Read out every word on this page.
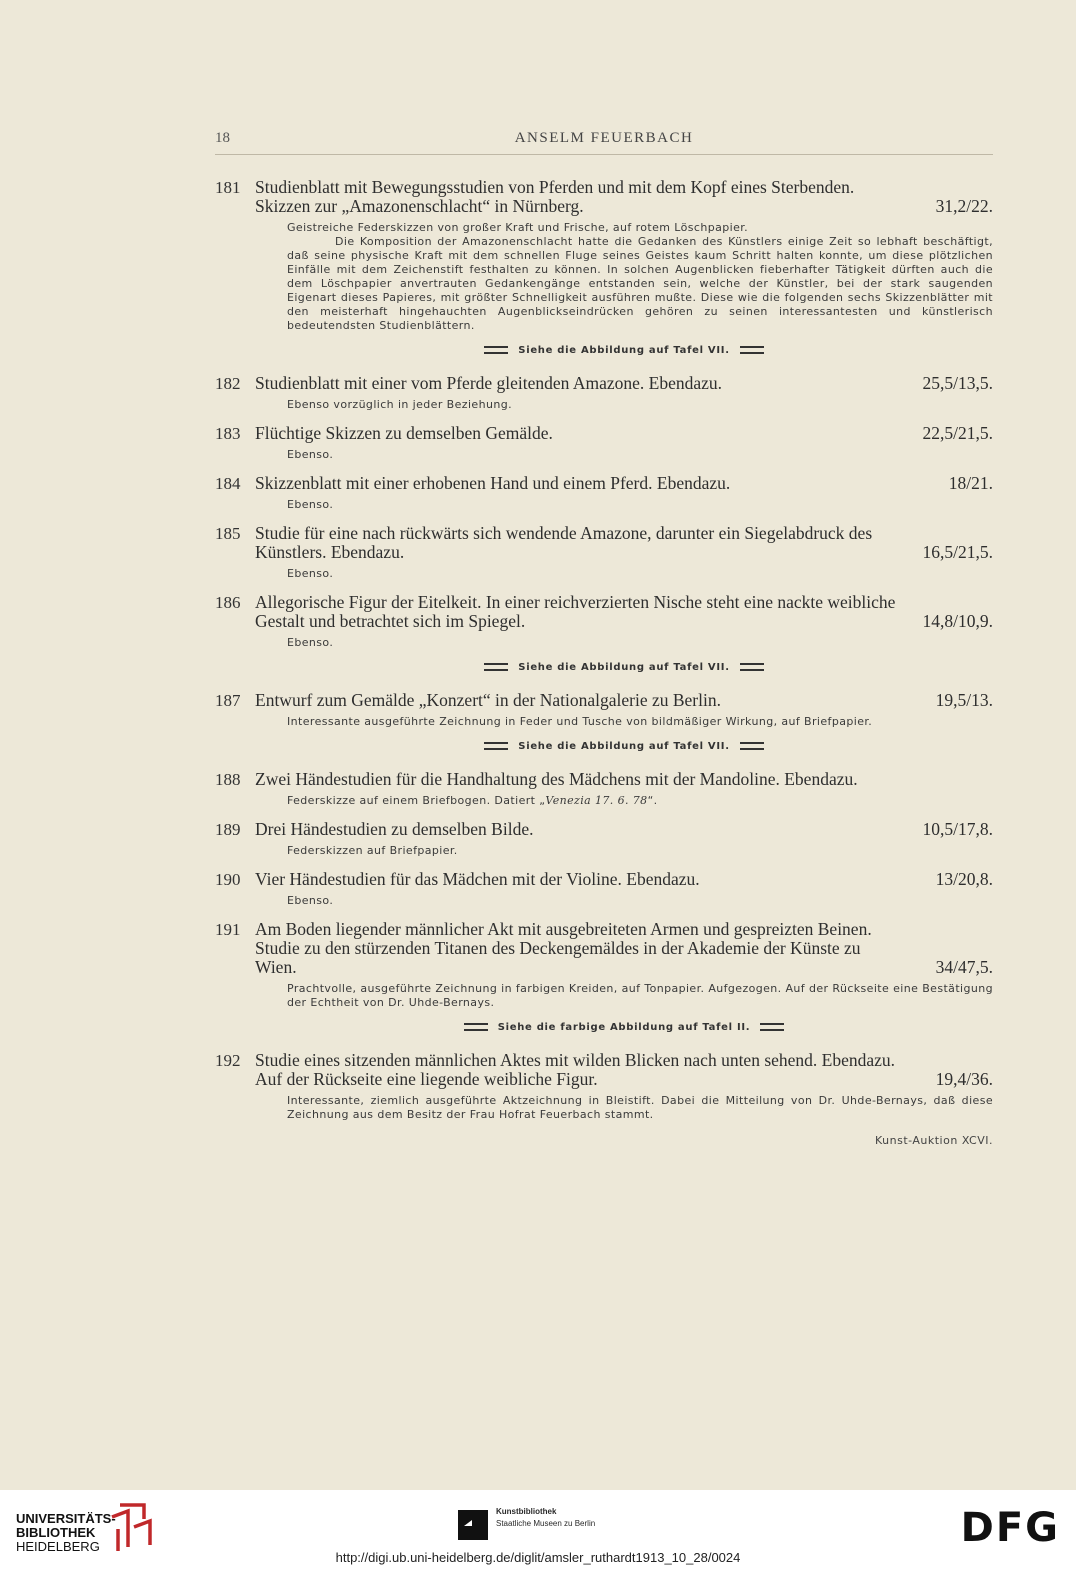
18	ANSELM FEUERBACH
181 Studienblatt mit Bewegungsstudien von Pferden und mit dem Kopf eines Sterbenden.
Skizzen zur „Amazonenschlacht“ in Nürnberg.	31,2/22.

Geistreiche Federskizzen von großer Kraft und Frische, auf rotem Löschpapier.

Die Komposition der Amazonenschlacht hatte die Gedanken des Künstlers einige Zeit so lebhaft beschäftigt, daß seine physische Kraft mit dem schnellen Fluge seines Geistes kaum Schritt halten konnte, um diese plötzlichen Einfälle mit dem Zeichenstift festhalten zu können. In solchen Augenblicken fieberhafter Tätigkeit dürften auch die dem Löschpapier anvertrauten Gedankengänge entstanden sein, welche der Künstler, bei der stark saugenden Eigenart dieses Papieres, mit größter Schnelligkeit ausführen mußte. Diese wie die folgenden sechs Skizzenblätter mit den meisterhaft hingehauchten Augenblickseindrücken gehören zu seinen interessantesten und künstlerisch bedeutendsten Studienblättern.

Siehe die Abbildung auf Tafel VII.
182 Studienblatt mit einer vom Pferde gleitenden Amazone. Ebendazu.	25,5/13,5.

Ebenso vorzüglich in jeder Beziehung.

183 Flüchtige Skizzen zu demselben Gemälde.	22,5/21,5.

Ebenso.

184 Skizzenblatt mit einer erhobenen Hand und einem Pferd. Ebendazu.	18/21.

Ebenso.

185 Studie für eine nach rückwärts sich wendende Amazone, darunter ein Siegelabdruck des
Künstlers. Ebendazu.	16,5/21,5.

Ebenso.

186 Allegorische Figur der Eitelkeit. In einer reichverzierten Nische steht eine nackte weibliche
Gestalt und betrachtet sich im Spiegel.	14,8/10,9.

Ebenso.

Siehe die Abbildung auf Tafel VII.
187 Entwurf zum Gemälde „Konzert“ in der Nationalgalerie zu Berlin.	19,5/13.

Interessante ausgeführte Zeichnung in Feder und Tusche von bildmäßiger Wirkung, auf Briefpapier.

Siehe die Abbildung auf Tafel VII.
188 Zwei Händestudien für die Handhaltung des Mädchens mit der Mandoline. Ebendazu.

Federskizze auf einem Briefbogen. Datiert „Venezia 17. 6. 78“.

189 Drei Händestudien zu demselben Bilde.	10,5/17,8.

Federskizzen auf Briefpapier.

190 Vier Händestudien für das Mädchen mit der Violine. Ebendazu.	13/20,8.

Ebenso.

191 Am Boden liegender männlicher Akt mit ausgebreiteten Armen und gespreizten Beinen.
Studie zu den stürzenden Titanen des Deckengemäldes in der Akademie der Künste zu
Wien.	34/47,5.

Prachtvolle, ausgeführte Zeichnung in farbigen Kreiden, auf Tonpapier. Aufgezogen. Auf der Rückseite eine Bestätigung der Echtheit von Dr. Uhde-Bernays.

Siehe die farbige Abbildung auf Tafel II.
192 Studie eines sitzenden männlichen Aktes mit wilden Blicken nach unten sehend. Ebendazu.
Auf der Rückseite eine liegende weibliche Figur.	19,4/36.

Interessante, ziemlich ausgeführte Aktzeichnung in Bleistift. Dabei die Mitteilung von Dr. Uhde-Bernays, daß diese Zeichnung aus dem Besitz der Frau Hofrat Feuerbach stammt.

Kunst-Auktion XCVI.
UNIVERSITÄTS-
BIBLIOTHEK
HEIDELBERG
Kunstbibliothek
Staatliche Museen zu Berlin	DFG
http://digi.ub.uni-heidelberg.de/diglit/amsler_ruthardt1913_10_28/0024
